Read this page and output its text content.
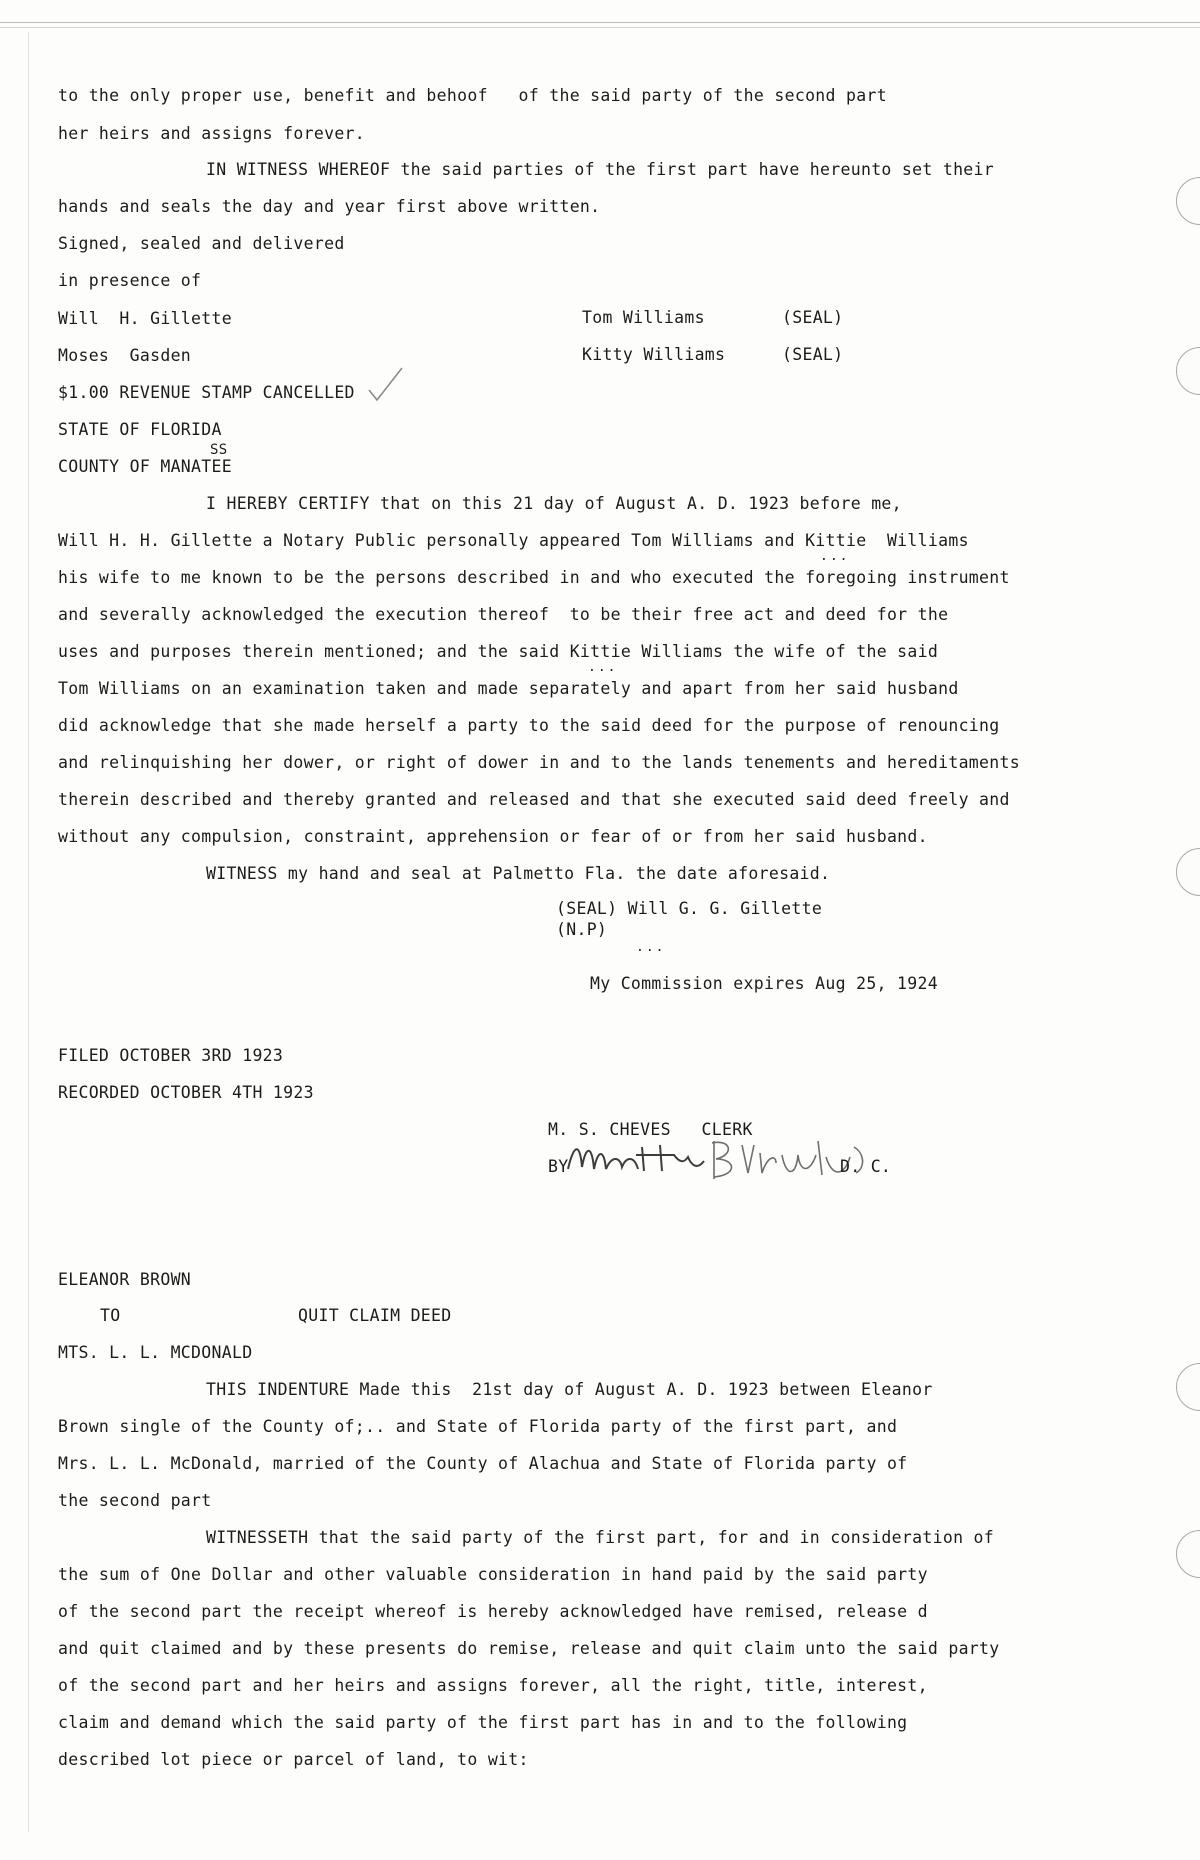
to the only proper use, benefit and behoof   of the said party of the second part
her heirs and assigns forever.
IN WITNESS WHEREOF the said parties of the first part have hereunto set their
hands and seals the day and year first above written.
Signed, sealed and delivered
in presence of
Will  H. Gillette	Tom Williams	(SEAL)
Moses  Gasden	Kitty Williams	(SEAL)
$1.00 REVENUE STAMP CANCELLED
STATE OF FLORIDA
SS
COUNTY OF MANATEE
I HEREBY CERTIFY that on this 21 day of August A. D. 1923 before me,
Will H. H. Gillette a Notary Public personally appeared Tom Williams and Kittie  Williams
...
his wife to me known to be the persons described in and who executed the foregoing instrument
and severally acknowledged the execution thereof  to be their free act and deed for the
uses and purposes therein mentioned; and the said Kittie Williams the wife of the said
...
Tom Williams on an examination taken and made separately and apart from her said husband
did acknowledge that she made herself a party to the said deed for the purpose of renouncing
and relinquishing her dower, or right of dower in and to the lands tenements and hereditaments
therein described and thereby granted and released and that she executed said deed freely and
without any compulsion, constraint, apprehension or fear of or from her said husband.
WITNESS my hand and seal at Palmetto Fla. the date aforesaid.
(SEAL) Will G. G. Gillette
(N.P)
...
My Commission expires Aug 25, 1924
FILED OCTOBER 3RD 1923
RECORDED OCTOBER 4TH 1923
M. S. CHEVES   CLERK
BY	D. C.
ELEANOR BROWN
TO	QUIT CLAIM DEED
MTS. L. L. MCDONALD
THIS INDENTURE Made this  21st day of August A. D. 1923 between Eleanor
Brown single of the County of;.. and State of Florida party of the first part, and
Mrs. L. L. McDonald, married of the County of Alachua and State of Florida party of
the second part
WITNESSETH that the said party of the first part, for and in consideration of
the sum of One Dollar and other valuable consideration in hand paid by the said party
of the second part the receipt whereof is hereby acknowledged have remised, release d
and quit claimed and by these presents do remise, release and quit claim unto the said party
of the second part and her heirs and assigns forever, all the right, title, interest,
claim and demand which the said party of the first part has in and to the following
described lot piece or parcel of land, to wit:
